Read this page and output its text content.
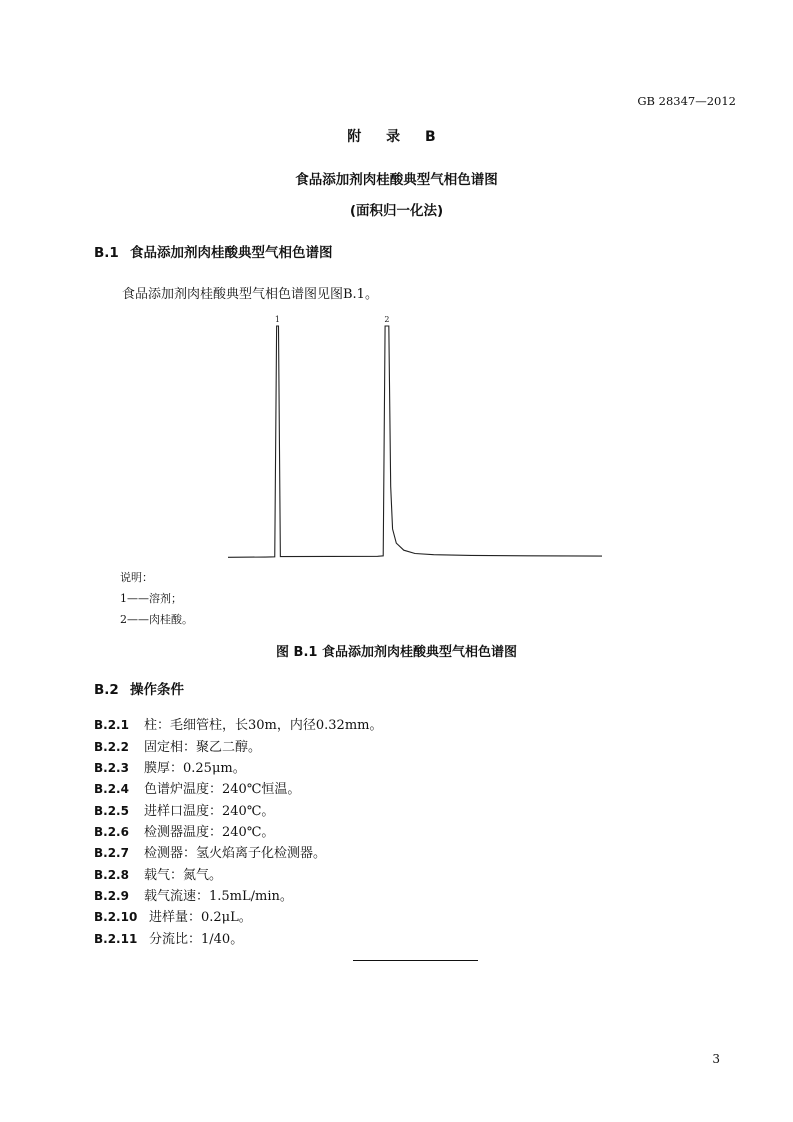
GB 28347—2012
附 录 B
食品添加剂肉桂酸典型气相色谱图
(面积归一化法)
B.1 食品添加剂肉桂酸典型气相色谱图
食品添加剂肉桂酸典型气相色谱图见图B.1。
1	2
说明：
1——溶剂；
2——肉桂酸。
图 B.1 食品添加剂肉桂酸典型气相色谱图
B.2 操作条件
B.2.1 柱：毛细管柱，长30m，内径0.32mm。
B.2.2 固定相：聚乙二醇。
B.2.3 膜厚：0.25μm。
B.2.4 色谱炉温度：240℃恒温。
B.2.5 进样口温度：240℃。
B.2.6 检测器温度：240℃。
B.2.7 检测器：氢火焰离子化检测器。
B.2.8 载气：氮气。
B.2.9 载气流速：1.5mL/min。
B.2.10 进样量：0.2μL。
B.2.11 分流比：1/40。
3
